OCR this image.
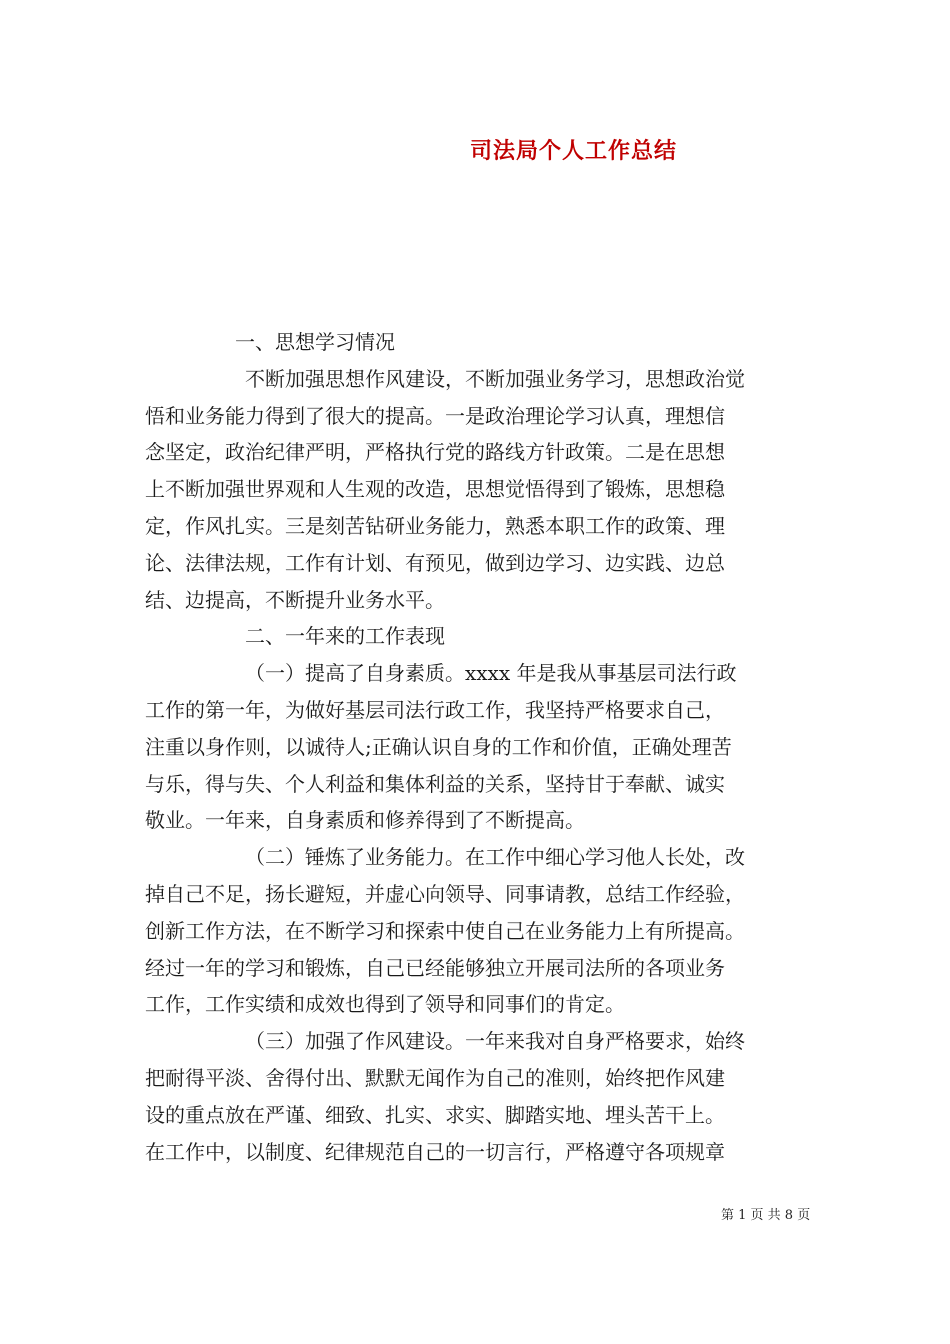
司法局个人工作总结
一、思想学习情况
不断加强思想作风建设，不断加强业务学习，思想政治觉
悟和业务能力得到了很大的提高。一是政治理论学习认真，理想信
念坚定，政治纪律严明，严格执行党的路线方针政策。二是在思想
上不断加强世界观和人生观的改造，思想觉悟得到了锻炼，思想稳
定，作风扎实。三是刻苦钻研业务能力，熟悉本职工作的政策、理
论、法律法规，工作有计划、有预见，做到边学习、边实践、边总
结、边提高，不断提升业务水平。
二、一年来的工作表现
（一）提高了自身素质。xxxx 年是我从事基层司法行政
工作的第一年，为做好基层司法行政工作，我坚持严格要求自己，
注重以身作则，以诚待人;正确认识自身的工作和价值，正确处理苦
与乐，得与失、个人利益和集体利益的关系，坚持甘于奉献、诚实
敬业。一年来，自身素质和修养得到了不断提高。
（二）锤炼了业务能力。在工作中细心学习他人长处，改
掉自己不足，扬长避短，并虚心向领导、同事请教，总结工作经验，
创新工作方法，在不断学习和探索中使自己在业务能力上有所提高。
经过一年的学习和锻炼，自己已经能够独立开展司法所的各项业务
工作，工作实绩和成效也得到了领导和同事们的肯定。
（三）加强了作风建设。一年来我对自身严格要求，始终
把耐得平淡、舍得付出、默默无闻作为自己的准则，始终把作风建
设的重点放在严谨、细致、扎实、求实、脚踏实地、埋头苦干上。
在工作中，以制度、纪律规范自己的一切言行，严格遵守各项规章
第 1 页 共 8 页
